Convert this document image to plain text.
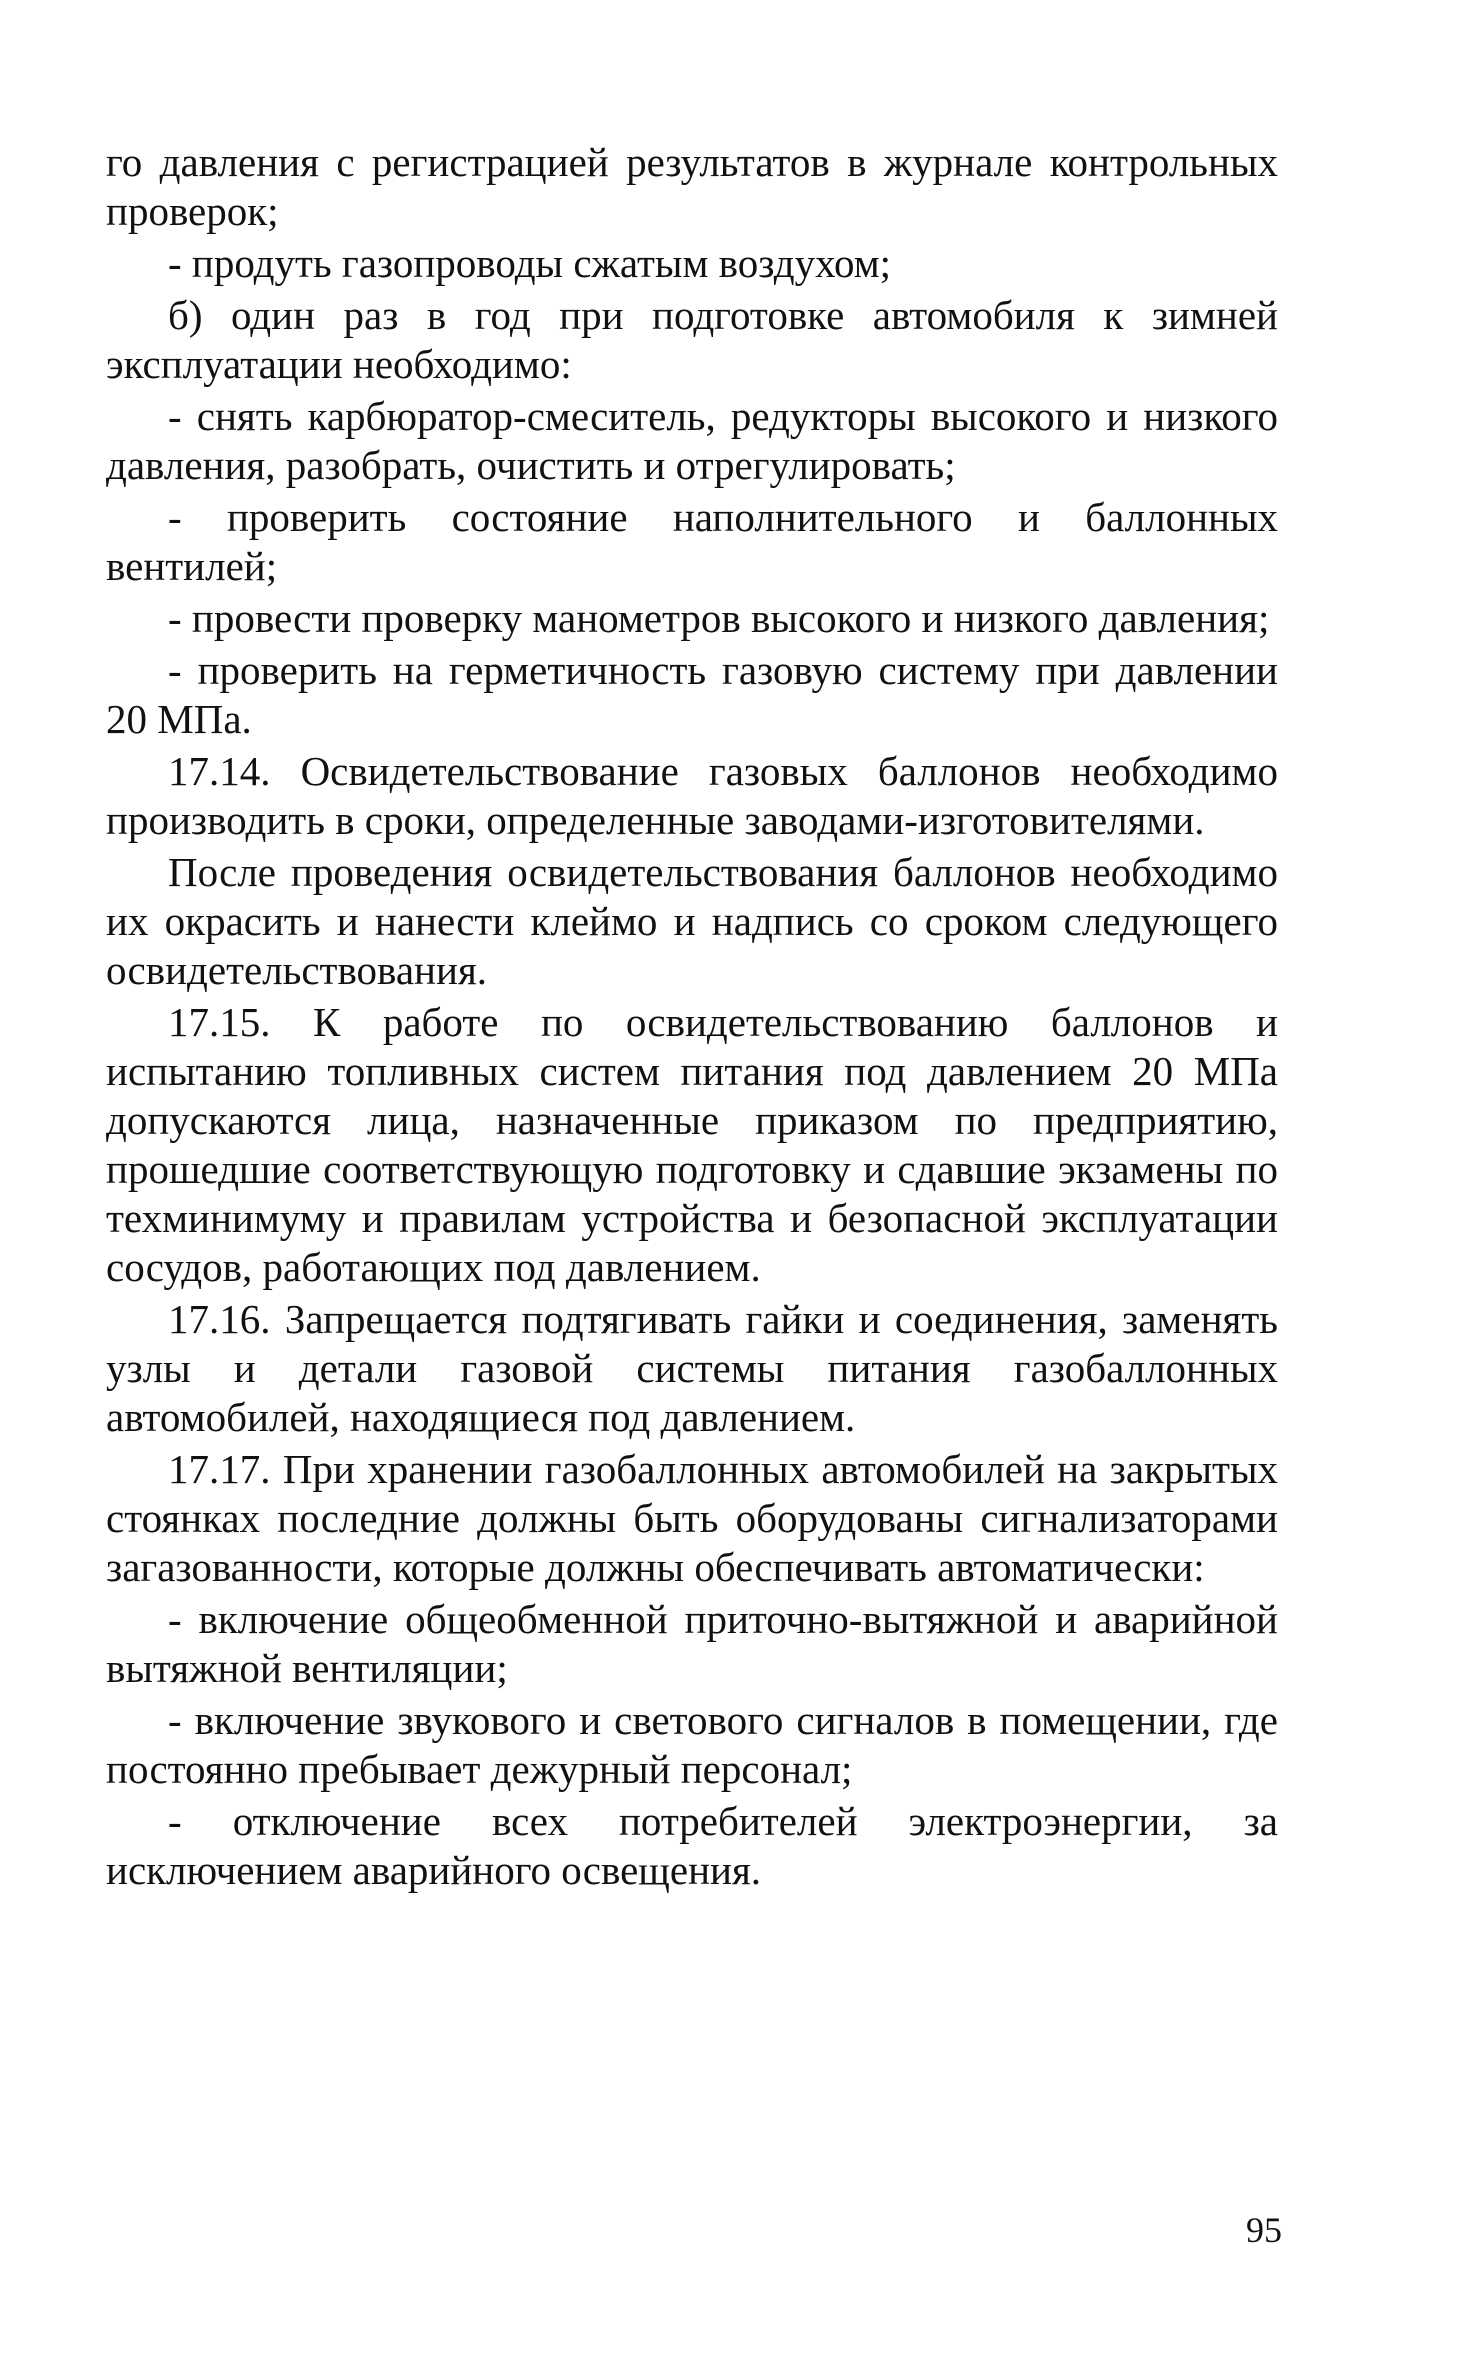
го давления с регистрацией результатов в журнале контрольных проверок;

- продуть газопроводы сжатым воздухом;

б) один раз в год при подготовке автомобиля к зимней эксплуатации необходимо:

- снять карбюратор-смеситель, редукторы высокого и низкого давления, разобрать, очистить и отрегулировать;

- проверить состояние наполнительного и баллонных вентилей;

- провести проверку манометров высокого и низкого давления;

- проверить на герметичность газовую систему при давлении 20 МПа.

17.14. Освидетельствование газовых баллонов необходимо производить в сроки, определенные заводами-изготовителями.

После проведения освидетельствования баллонов необходимо их окрасить и нанести клеймо и надпись со сроком следующего освидетельствования.

17.15. К работе по освидетельствованию баллонов и испытанию топливных систем питания под давлением 20 МПа допускаются лица, назначенные приказом по предприятию, прошедшие соответствующую подготовку и сдавшие экзамены по техминимуму и правилам устройства и безопасной эксплуатации сосудов, работающих под давлением.

17.16. Запрещается подтягивать гайки и соединения, заменять узлы и детали газовой системы питания газобаллонных автомобилей, находящиеся под давлением.

17.17. При хранении газобаллонных автомобилей на закрытых стоянках последние должны быть оборудованы сигнализаторами загазованности, которые должны обеспечивать автоматически:

- включение общеобменной приточно-вытяжной и аварийной вытяжной вентиляции;

- включение звукового и светового сигналов в помещении, где постоянно пребывает дежурный персонал;

- отключение всех потребителей электроэнергии, за исключением аварийного освещения.

95
